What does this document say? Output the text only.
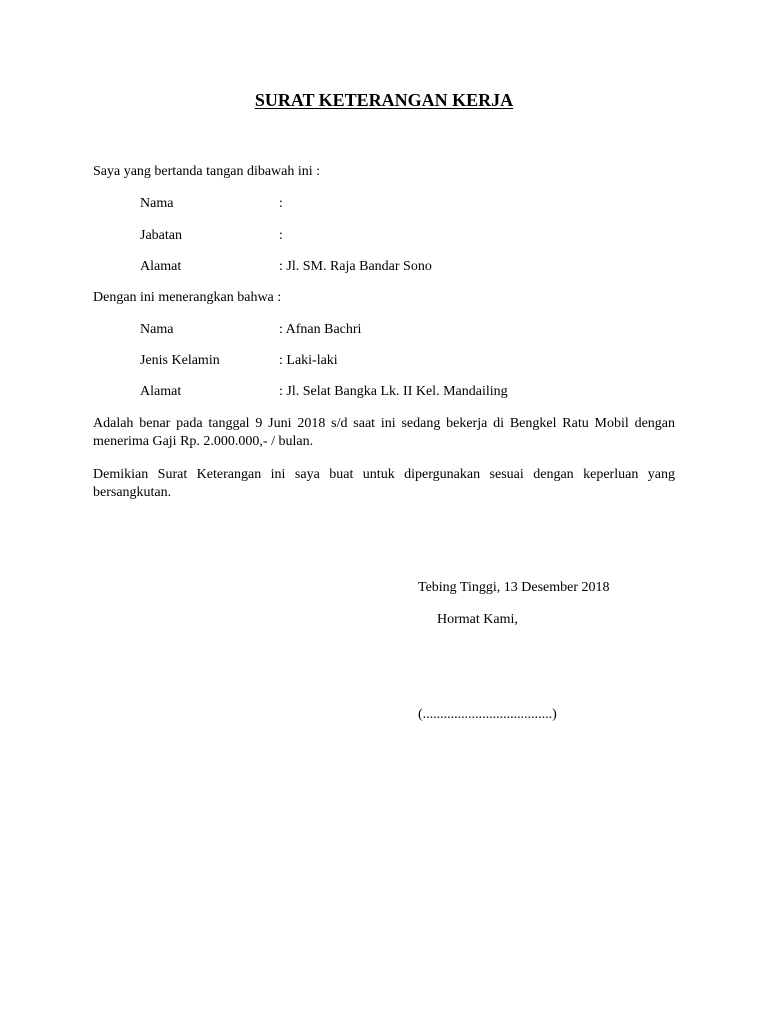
SURAT KETERANGAN KERJA
Saya yang bertanda tangan dibawah ini :
Nama	:
Jabatan	:
Alamat	: Jl. SM. Raja Bandar Sono
Dengan ini menerangkan bahwa :
Nama	: Afnan Bachri
Jenis Kelamin	: Laki-laki
Alamat	: Jl. Selat Bangka Lk. II Kel. Mandailing
Adalah benar pada tanggal 9 Juni 2018 s/d saat ini sedang bekerja di Bengkel Ratu Mobil dengan menerima Gaji Rp. 2.000.000,- / bulan.
Demikian Surat Keterangan ini saya buat untuk dipergunakan sesuai dengan keperluan yang bersangkutan.
Tebing Tinggi, 13 Desember 2018
Hormat Kami,
(.....................................)
